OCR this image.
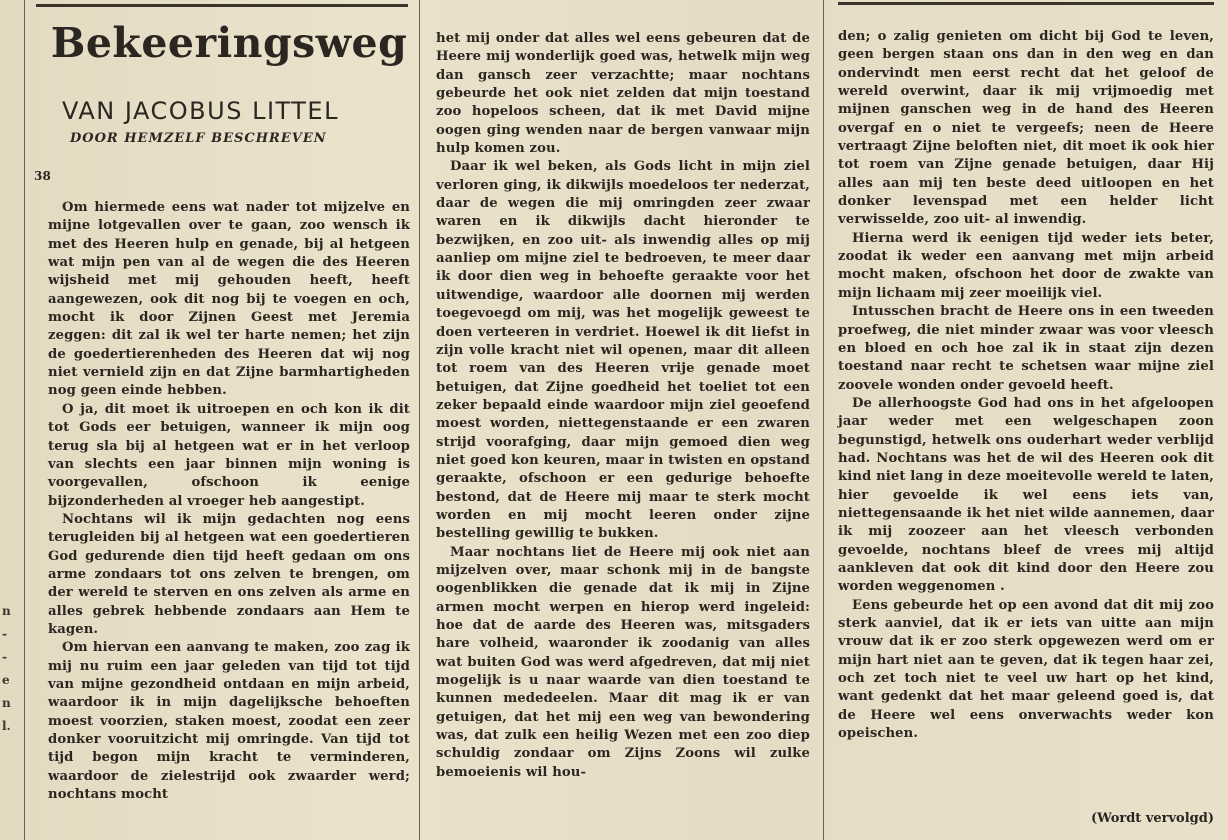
n
-
-
e
n
l.
Bekeeringsweg
VAN JACOBUS LITTEL
DOOR HEMZELF BESCHREVEN
38

Om hiermede eens wat nader tot mijzelve en mijne lotgevallen over te gaan, zoo wensch ik met des Heeren hulp en genade, bij al hetgeen wat mijn pen van al de wegen die des Heeren wijsheid met mij gehouden heeft, heeft aangewezen, ook dit nog bij te voegen en och, mocht ik door Zijnen Geest met Jeremia zeggen: dit zal ik wel ter harte nemen; het zijn de goedertierenheden des Heeren dat wij nog niet vernield zijn en dat Zijne barmhartigheden nog geen einde hebben.

O ja, dit moet ik uitroepen en och kon ik dit tot Gods eer betuigen, wanneer ik mijn oog terug sla bij al hetgeen wat er in het verloop van slechts een jaar binnen mijn woning is voorgevallen, ofschoon ik eenige bijzonderheden al vroeger heb aangestipt.

Nochtans wil ik mijn gedachten nog eens terugleiden bij al hetgeen wat een goedertieren God gedurende dien tijd heeft gedaan om ons arme zondaars tot ons zelven te brengen, om der wereld te sterven en ons zelven als arme en alles gebrek hebbende zondaars aan Hem te kagen.

Om hiervan een aanvang te maken, zoo zag ik mij nu ruim een jaar geleden van tijd tot tijd van mijne gezondheid ontdaan en mijn arbeid, waardoor ik in mijn dagelijksche behoeften moest voorzien, staken moest, zoodat een zeer donker vooruitzicht mij omringde. Van tijd tot tijd begon mijn kracht te verminderen, waardoor de zielestrijd ook zwaarder werd; nochtans mocht

het mij onder dat alles wel eens gebeuren dat de Heere mij wonderlijk goed was, hetwelk mijn weg dan gansch zeer verzachtte; maar nochtans gebeurde het ook niet zelden dat mijn toestand zoo hopeloos scheen, dat ik met David mijne oogen ging wenden naar de bergen vanwaar mijn hulp komen zou.

Daar ik wel beken, als Gods licht in mijn ziel verloren ging, ik dikwijls moedeloos ter nederzat, daar de wegen die mij omringden zeer zwaar waren en ik dikwijls dacht hieronder te bezwijken, en zoo uit- als inwendig alles op mij aanliep om mijne ziel te bedroeven, te meer daar ik door dien weg in behoefte geraakte voor het uitwendige, waardoor alle doornen mij werden toegevoegd om mij, was het mogelijk geweest te doen verteeren in verdriet. Hoewel ik dit liefst in zijn volle kracht niet wil openen, maar dit alleen tot roem van des Heeren vrije genade moet betuigen, dat Zijne goedheid het toeliet tot een zeker bepaald einde waardoor mijn ziel geoefend moest worden, niettegenstaande er een zwaren strijd voorafging, daar mijn gemoed dien weg niet goed kon keuren, maar in twisten en opstand geraakte, ofschoon er een gedurige behoefte bestond, dat de Heere mij maar te sterk mocht worden en mij mocht leeren onder zijne bestelling gewillig te bukken.

Maar nochtans liet de Heere mij ook niet aan mijzelven over, maar schonk mij in de bangste oogenblikken die genade dat ik mij in Zijne armen mocht werpen en hierop werd ingeleid: hoe dat de aarde des Heeren was, mitsgaders hare volheid, waaronder ik zoodanig van alles wat buiten God was werd afgedreven, dat mij niet mogelijk is u naar waarde van dien toestand te kunnen mededeelen. Maar dit mag ik er van getuigen, dat het mij een weg van bewondering was, dat zulk een heilig Wezen met een zoo diep schuldig zondaar om Zijns Zoons wil zulke bemoeienis wil hou-

den; o zalig genieten om dicht bij God te leven, geen bergen staan ons dan in den weg en dan ondervindt men eerst recht dat het geloof de wereld overwint, daar ik mij vrijmoedig met mijnen ganschen weg in de hand des Heeren overgaf en o niet te vergeefs; neen de Heere vertraagt Zijne beloften niet, dit moet ik ook hier tot roem van Zijne genade betuigen, daar Hij alles aan mij ten beste deed uitloopen en het donker levenspad met een helder licht verwisselde, zoo uit- al inwendig.

Hierna werd ik eenigen tijd weder iets beter, zoodat ik weder een aanvang met mijn arbeid mocht maken, ofschoon het door de zwakte van mijn lichaam mij zeer moeilijk viel.

Intusschen bracht de Heere ons in een tweeden proefweg, die niet minder zwaar was voor vleesch en bloed en och hoe zal ik in staat zijn dezen toestand naar recht te schetsen waar mijne ziel zoovele wonden onder gevoeld heeft.

De allerhoogste God had ons in het afgeloopen jaar weder met een welgeschapen zoon begunstigd, hetwelk ons ouderhart weder verblijd had. Nochtans was het de wil des Heeren ook dit kind niet lang in deze moeitevolle wereld te laten, hier gevoelde ik wel eens iets van, niettegensaande ik het niet wilde aannemen, daar ik mij zoozeer aan het vleesch verbonden gevoelde, nochtans bleef de vrees mij altijd aankleven dat ook dit kind door den Heere zou worden weggenomen .

Eens gebeurde het op een avond dat dit mij zoo sterk aanviel, dat ik er iets van uitte aan mijn vrouw dat ik er zoo sterk opgewezen werd om er mijn hart niet aan te geven, dat ik tegen haar zei, och zet toch niet te veel uw hart op het kind, want gedenkt dat het maar geleend goed is, dat de Heere wel eens onverwachts weder kon opeischen.

(Wordt vervolgd)
